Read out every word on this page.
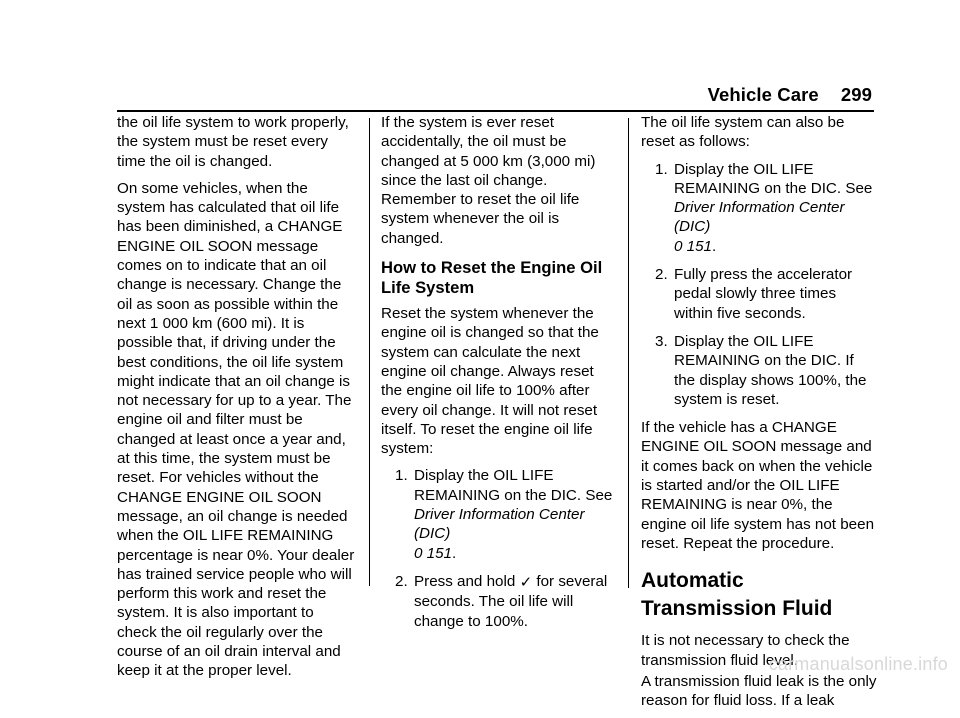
Vehicle Care 299

the oil life system to work properly, the system must be reset every time the oil is changed.

On some vehicles, when the system has calculated that oil life has been diminished, a CHANGE ENGINE OIL SOON message comes on to indicate that an oil change is necessary. Change the oil as soon as possible within the next 1 000 km (600 mi). It is possible that, if driving under the best conditions, the oil life system might indicate that an oil change is not necessary for up to a year. The engine oil and filter must be changed at least once a year and, at this time, the system must be reset. For vehicles without the CHANGE ENGINE OIL SOON message, an oil change is needed when the OIL LIFE REMAINING percentage is near 0%. Your dealer has trained service people who will perform this work and reset the system. It is also important to check the oil regularly over the course of an oil drain interval and keep it at the proper level.

If the system is ever reset accidentally, the oil must be changed at 5 000 km (3,000 mi) since the last oil change. Remember to reset the oil life system whenever the oil is changed.

How to Reset the Engine Oil Life System

Reset the system whenever the engine oil is changed so that the system can calculate the next engine oil change. Always reset the engine oil life to 100% after every oil change. It will not reset itself. To reset the engine oil life system:

1. Display the OIL LIFE REMAINING on the DIC. See Driver Information Center (DIC)
0 151.
2. Press and hold ✓ for several seconds. The oil life will change to 100%.

The oil life system can also be reset as follows:

1. Display the OIL LIFE REMAINING on the DIC. See Driver Information Center (DIC)
0 151.
2. Fully press the accelerator pedal slowly three times within five seconds.
3. Display the OIL LIFE REMAINING on the DIC. If the display shows 100%, the system is reset.

If the vehicle has a CHANGE ENGINE OIL SOON message and it comes back on when the vehicle is started and/or the OIL LIFE REMAINING is near 0%, the engine oil life system has not been reset. Repeat the procedure.

Automatic Transmission Fluid

It is not necessary to check the transmission fluid level.

A transmission fluid leak is the only reason for fluid loss. If a leak

carmanualsonline.info
